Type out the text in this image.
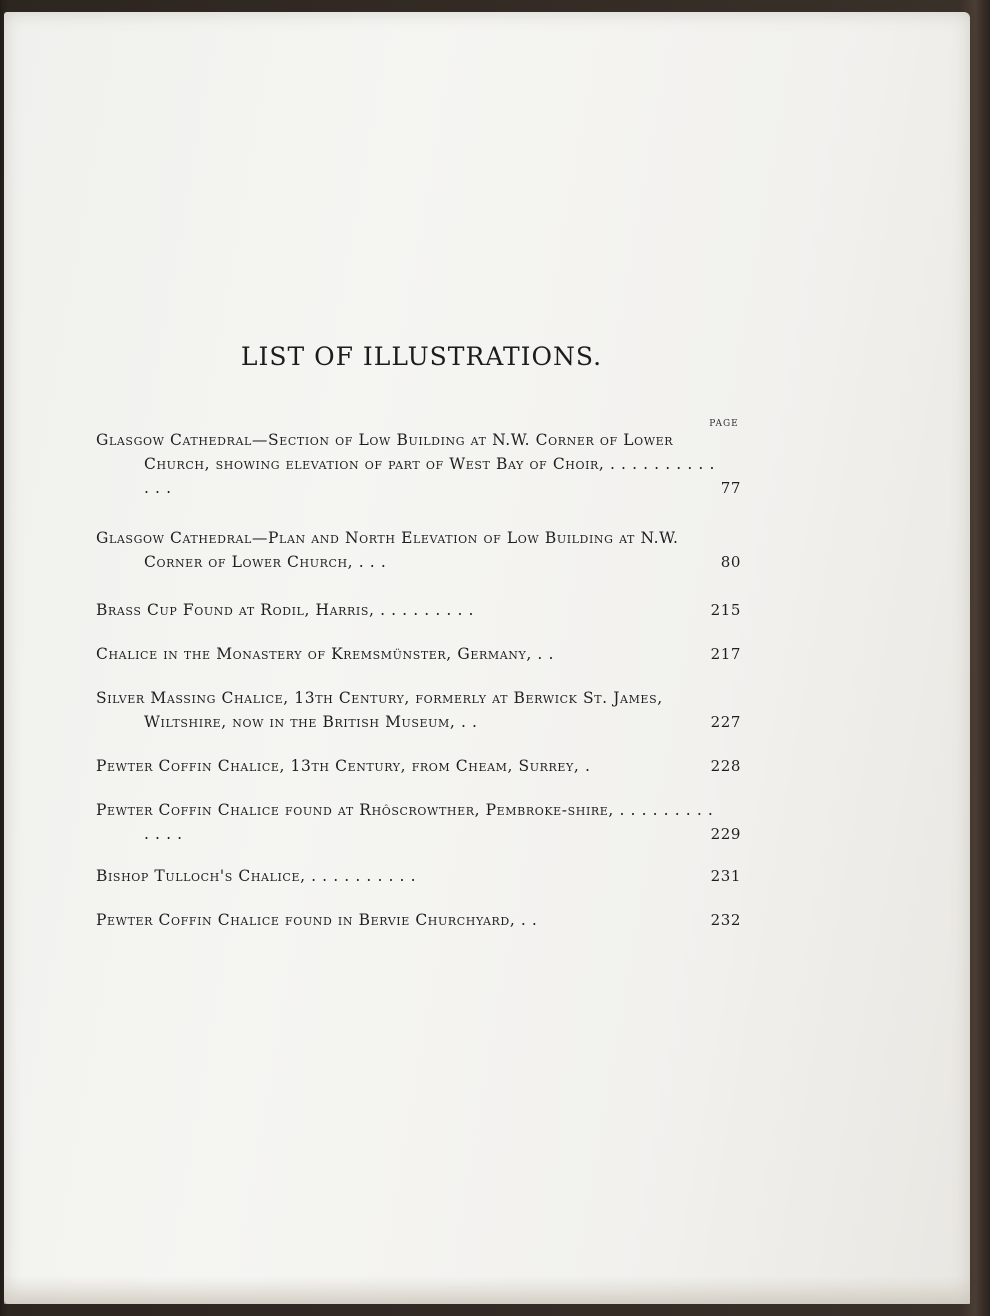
LIST OF ILLUSTRATIONS.
PAGE
Glasgow Cathedral—Section of Low Building at N.W. Corner of Lower Church, showing elevation of part of West Bay of Choir, . . . . . . . . . . . . .	77
Glasgow Cathedral—Plan and North Elevation of Low Building at N.W. Corner of Lower Church, . . .	80
Brass Cup Found at Rodil, Harris, . . . . . . . . .	215
Chalice in the Monastery of Kremsmünster, Germany, . .	217
Silver Massing Chalice, 13th Century, formerly at Berwick St. James, Wiltshire, now in the British Museum, . .	227
Pewter Coffin Chalice, 13th Century, from Cheam, Surrey, .	228
Pewter Coffin Chalice found at Rhôscrowther, Pembroke-shire, . . . . . . . . . . . . .	229
Bishop Tulloch's Chalice, . . . . . . . . . .	231
Pewter Coffin Chalice found in Bervie Churchyard, . .	232
